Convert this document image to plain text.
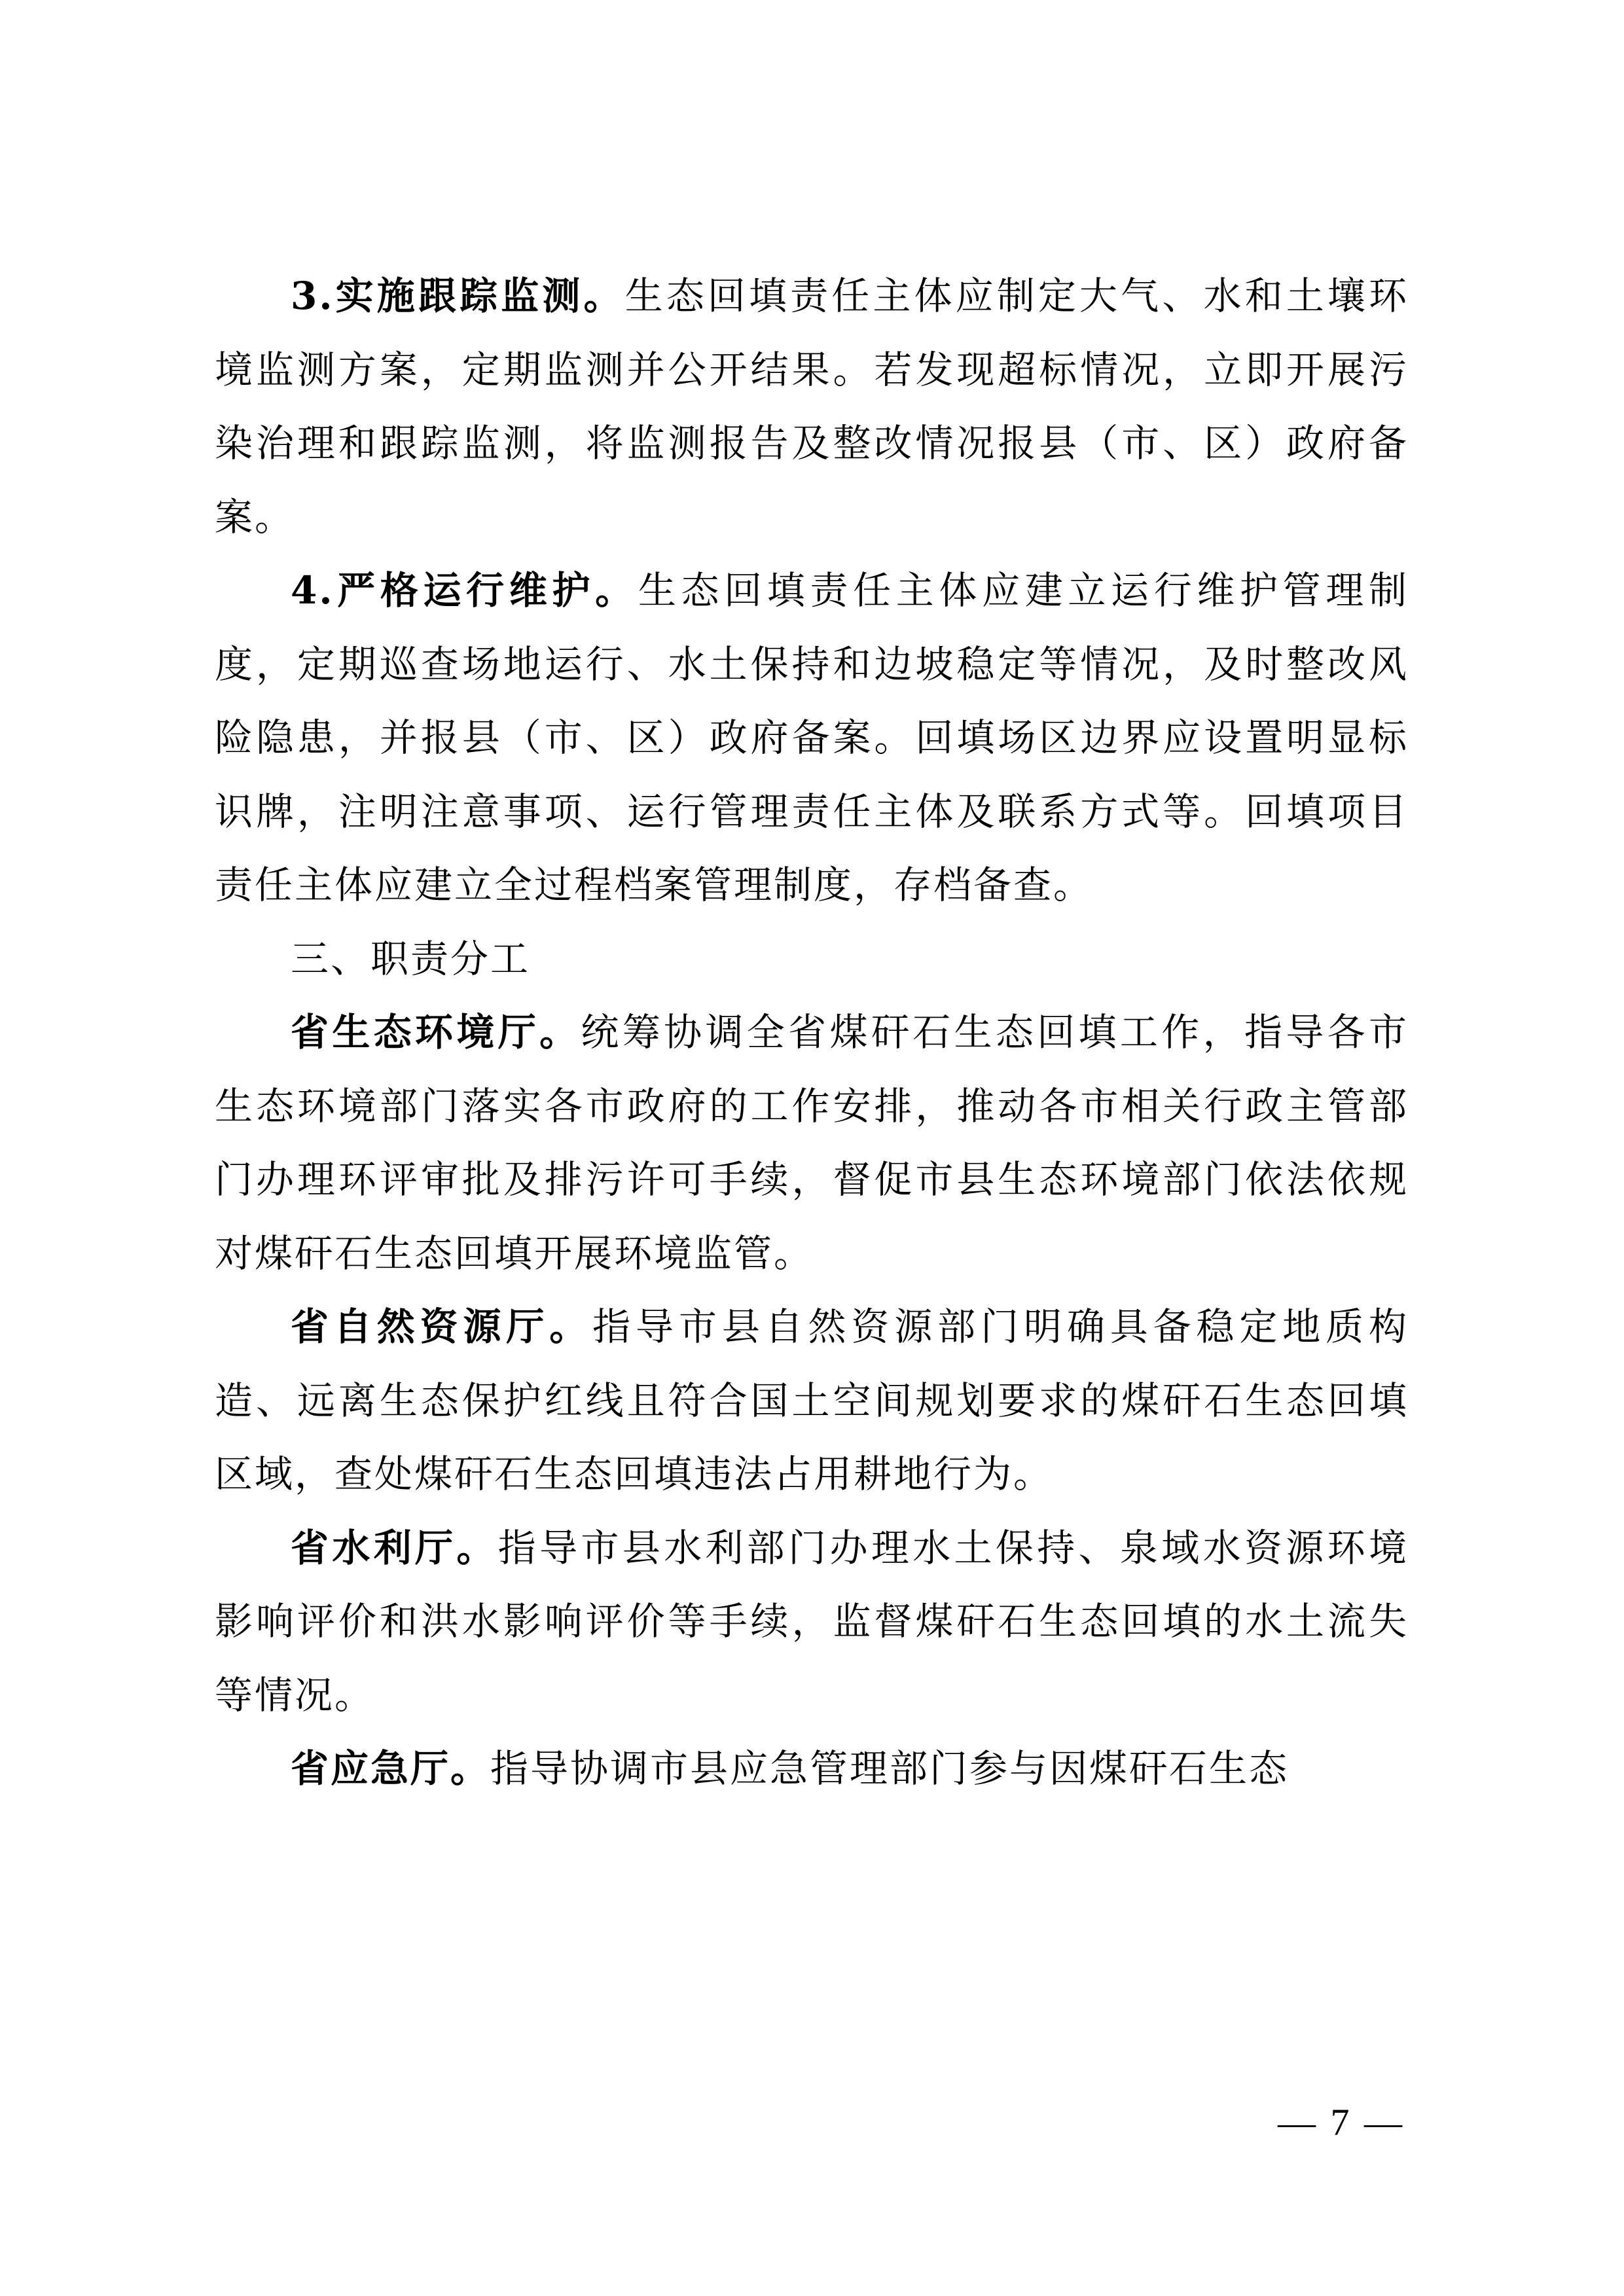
3.实施跟踪监测。生态回填责任主体应制定大气、水和土壤环境监测方案，定期监测并公开结果。若发现超标情况，立即开展污染治理和跟踪监测，将监测报告及整改情况报县（市、区）政府备案。

4.严格运行维护。生态回填责任主体应建立运行维护管理制度，定期巡查场地运行、水土保持和边坡稳定等情况，及时整改风险隐患，并报县（市、区）政府备案。回填场区边界应设置明显标识牌，注明注意事项、运行管理责任主体及联系方式等。回填项目责任主体应建立全过程档案管理制度，存档备查。

三、职责分工

省生态环境厅。统筹协调全省煤矸石生态回填工作，指导各市生态环境部门落实各市政府的工作安排，推动各市相关行政主管部门办理环评审批及排污许可手续，督促市县生态环境部门依法依规对煤矸石生态回填开展环境监管。

省自然资源厅。指导市县自然资源部门明确具备稳定地质构造、远离生态保护红线且符合国土空间规划要求的煤矸石生态回填区域，查处煤矸石生态回填违法占用耕地行为。

省水利厅。指导市县水利部门办理水土保持、泉域水资源环境影响评价和洪水影响评价等手续，监督煤矸石生态回填的水土流失等情况。

省应急厅。指导协调市县应急管理部门参与因煤矸石生态

— 7 —
